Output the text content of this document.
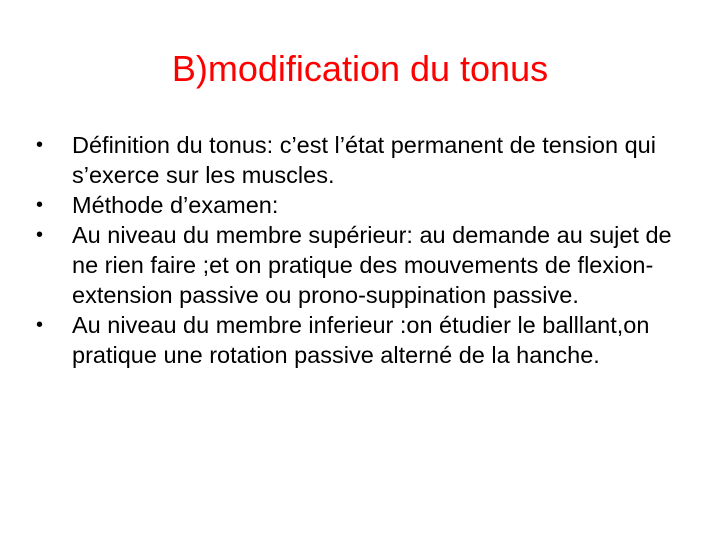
B)modification du tonus
•	Définition du tonus: c’est l’état permanent de tension qui s’exerce sur les muscles.
•	Méthode d’examen:
•	Au niveau du membre supérieur: au demande au sujet de ne rien faire ;et on pratique des mouvements de flexion-extension passive ou prono-suppination passive.
•	Au niveau du membre inferieur :on étudier le balllant,on pratique une rotation passive alterné de la hanche.
